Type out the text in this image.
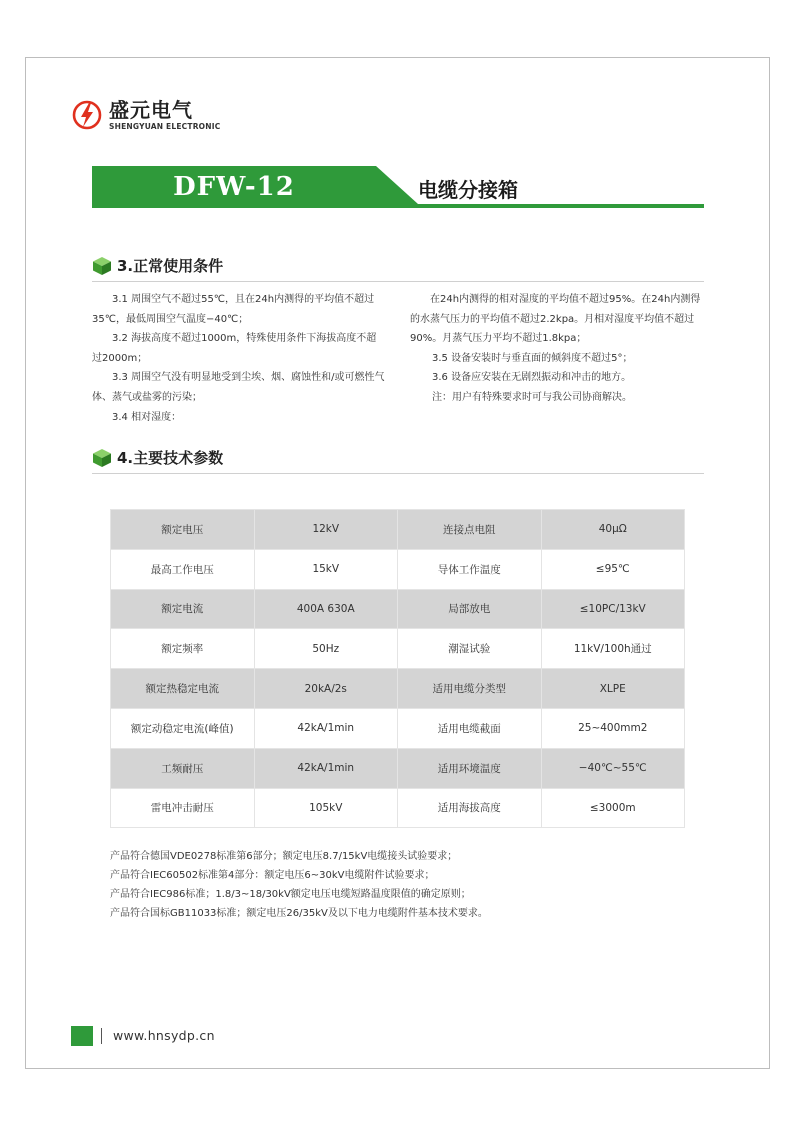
盛元电气
SHENGYUAN ELECTRONIC
DFW-12	电缆分接箱
3.正常使用条件

3.1 周围空气不超过55℃，且在24h内测得的平均值不超过35℃，最低周围空气温度−40℃；

3.2 海拔高度不超过1000m，特殊使用条件下海拔高度不超过2000m；

3.3 周围空气没有明显地受到尘埃、烟、腐蚀性和/或可燃性气体、蒸气或盐雾的污染；

3.4 相对湿度：

在24h内测得的相对湿度的平均值不超过95%。在24h内测得的水蒸气压力的平均值不超过2.2kpa。月相对湿度平均值不超过90%。月蒸气压力平均不超过1.8kpa；

3.5 设备安装时与垂直面的倾斜度不超过5°；

3.6 设备应安装在无剧烈振动和冲击的地方。

注：用户有特殊要求时可与我公司协商解决。

4.主要技术参数
额定电压	12kV	连接点电阻	40μΩ
最高工作电压	15kV	导体工作温度	≤95℃
额定电流	400A 630A	局部放电	≤10PC/13kV
额定频率	50Hz	潮湿试验	11kV/100h通过
额定热稳定电流	20kA/2s	适用电缆分类型	XLPE
额定动稳定电流(峰值)	42kA/1min	适用电缆截面	25~400mm2
工频耐压	42kA/1min	适用环境温度	−40℃~55℃
雷电冲击耐压	105kV	适用海拔高度	≤3000m

产品符合德国VDE0278标准第6部分；额定电压8.7/15kV电缆接头试验要求；

产品符合IEC60502标准第4部分：额定电压6~30kV电缆附件试验要求；

产品符合IEC986标准；1.8/3~18/30kV额定电压电缆短路温度限值的确定原则；

产品符合国标GB11033标准；额定电压26/35kV及以下电力电缆附件基本技术要求。

www.hnsydp.cn
